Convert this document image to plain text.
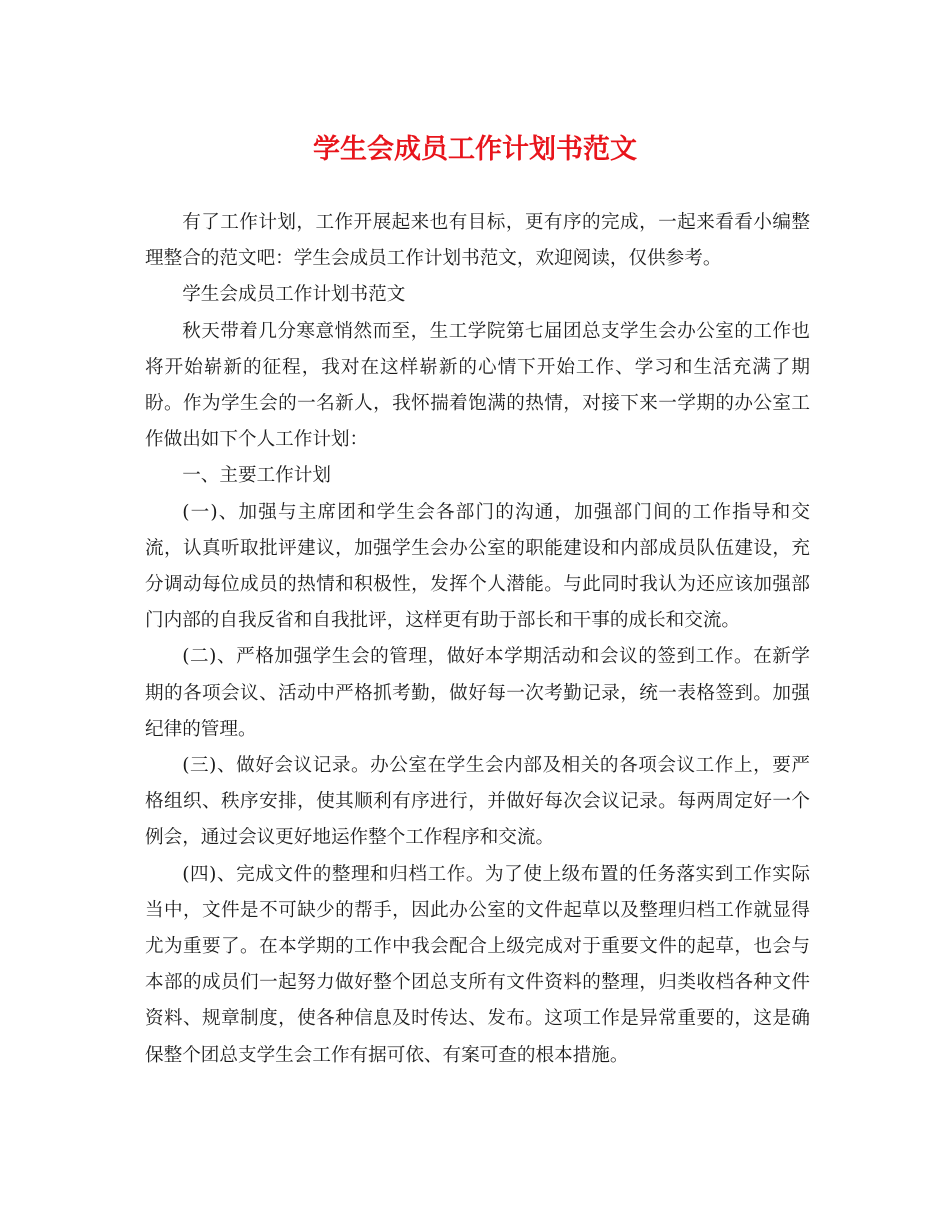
学生会成员工作计划书范文

有了工作计划，工作开展起来也有目标，更有序的完成，一起来看看小编整理整合的范文吧：学生会成员工作计划书范文，欢迎阅读，仅供参考。

学生会成员工作计划书范文

秋天带着几分寒意悄然而至，生工学院第七届团总支学生会办公室的工作也将开始崭新的征程，我对在这样崭新的心情下开始工作、学习和生活充满了期盼。作为学生会的一名新人，我怀揣着饱满的热情，对接下来一学期的办公室工作做出如下个人工作计划：

一、主要工作计划

(一)、加强与主席团和学生会各部门的沟通，加强部门间的工作指导和交流，认真听取批评建议，加强学生会办公室的职能建设和内部成员队伍建设，充分调动每位成员的热情和积极性，发挥个人潜能。与此同时我认为还应该加强部门内部的自我反省和自我批评，这样更有助于部长和干事的成长和交流。

(二)、严格加强学生会的管理，做好本学期活动和会议的签到工作。在新学期的各项会议、活动中严格抓考勤，做好每一次考勤记录，统一表格签到。加强纪律的管理。

(三)、做好会议记录。办公室在学生会内部及相关的各项会议工作上，要严格组织、秩序安排，使其顺利有序进行，并做好每次会议记录。每两周定好一个例会，通过会议更好地运作整个工作程序和交流。

(四)、完成文件的整理和归档工作。为了使上级布置的任务落实到工作实际当中，文件是不可缺少的帮手，因此办公室的文件起草以及整理归档工作就显得尤为重要了。在本学期的工作中我会配合上级完成对于重要文件的起草，也会与本部的成员们一起努力做好整个团总支所有文件资料的整理，归类收档各种文件资料、规章制度，使各种信息及时传达、发布。这项工作是异常重要的，这是确保整个团总支学生会工作有据可依、有案可查的根本措施。
